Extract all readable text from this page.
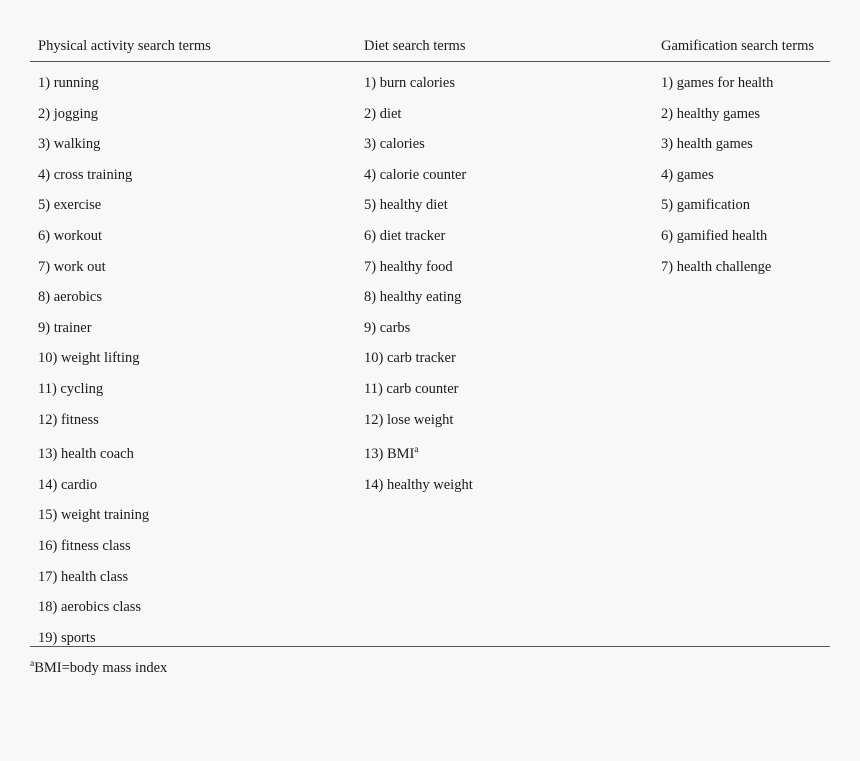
Physical activity search terms	Diet search terms	Gamification search terms
1) running
2) jogging
3) walking
4) cross training
5) exercise
6) workout
7) work out
8) aerobics
9) trainer
10) weight lifting
11) cycling
12) fitness
13) health coach
14) cardio
15) weight training
16) fitness class
17) health class
18) aerobics class
19) sports
1) burn calories
2) diet
3) calories
4) calorie counter
5) healthy diet
6) diet tracker
7) healthy food
8) healthy eating
9) carbs
10) carb tracker
11) carb counter
12) lose weight
13) BMI$^a$
14) healthy weight
1) games for health
2) healthy games
3) health games
4) games
5) gamification
6) gamified health
7) health challenge
$^a$BMI=body mass index
